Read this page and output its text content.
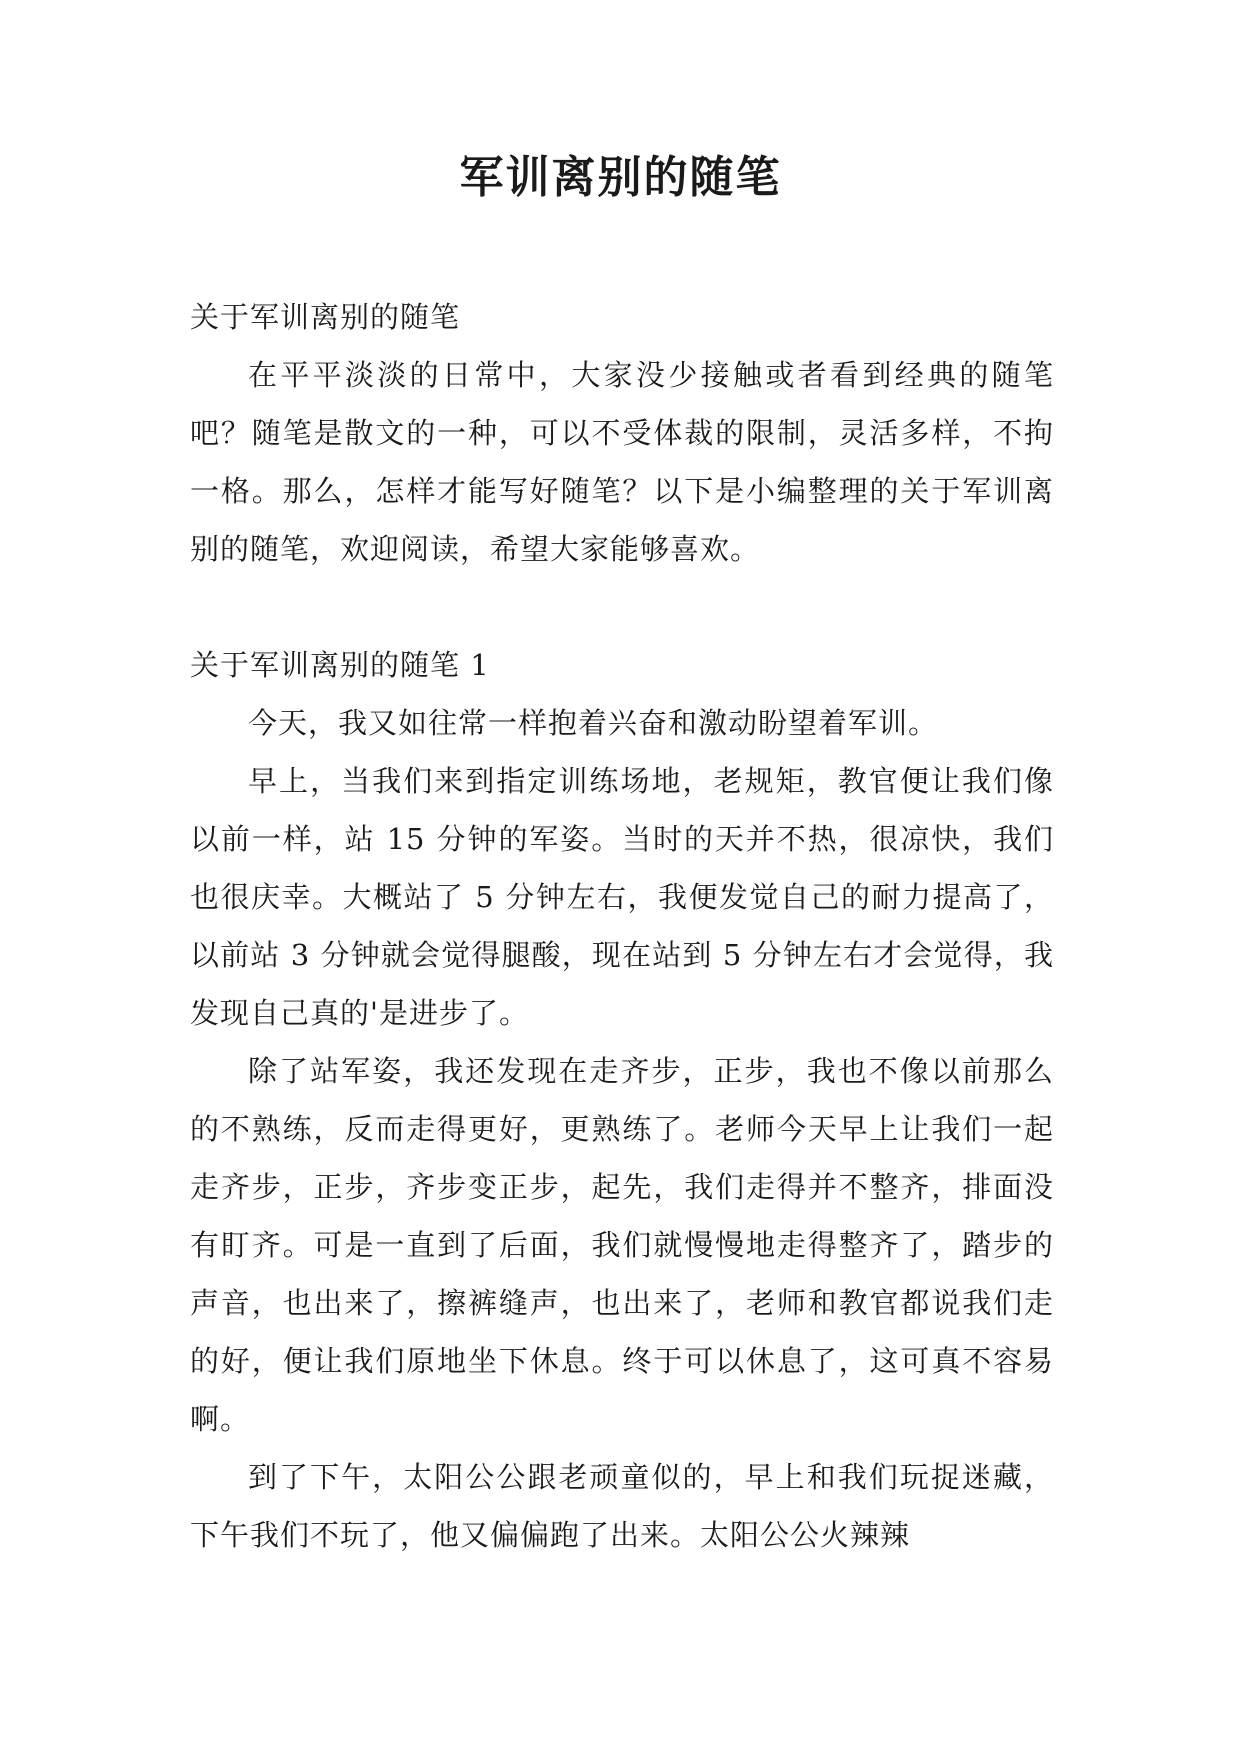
军训离别的随笔

关于军训离别的随笔

在平平淡淡的日常中，大家没少接触或者看到经典的随笔吧？随笔是散文的一种，可以不受体裁的限制，灵活多样，不拘一格。那么，怎样才能写好随笔？以下是小编整理的关于军训离别的随笔，欢迎阅读，希望大家能够喜欢。

关于军训离别的随笔 1

今天，我又如往常一样抱着兴奋和激动盼望着军训。

早上，当我们来到指定训练场地，老规矩，教官便让我们像以前一样，站 15 分钟的军姿。当时的天并不热，很凉快，我们也很庆幸。大概站了 5 分钟左右，我便发觉自己的耐力提高了，以前站 3 分钟就会觉得腿酸，现在站到 5 分钟左右才会觉得，我发现自己真的'是进步了。

除了站军姿，我还发现在走齐步，正步，我也不像以前那么的不熟练，反而走得更好，更熟练了。老师今天早上让我们一起走齐步，正步，齐步变正步，起先，我们走得并不整齐，排面没有盯齐。可是一直到了后面，我们就慢慢地走得整齐了，踏步的声音，也出来了，擦裤缝声，也出来了，老师和教官都说我们走的好，便让我们原地坐下休息。终于可以休息了，这可真不容易啊。

到了下午，太阳公公跟老顽童似的，早上和我们玩捉迷藏，下午我们不玩了，他又偏偏跑了出来。太阳公公火辣辣
